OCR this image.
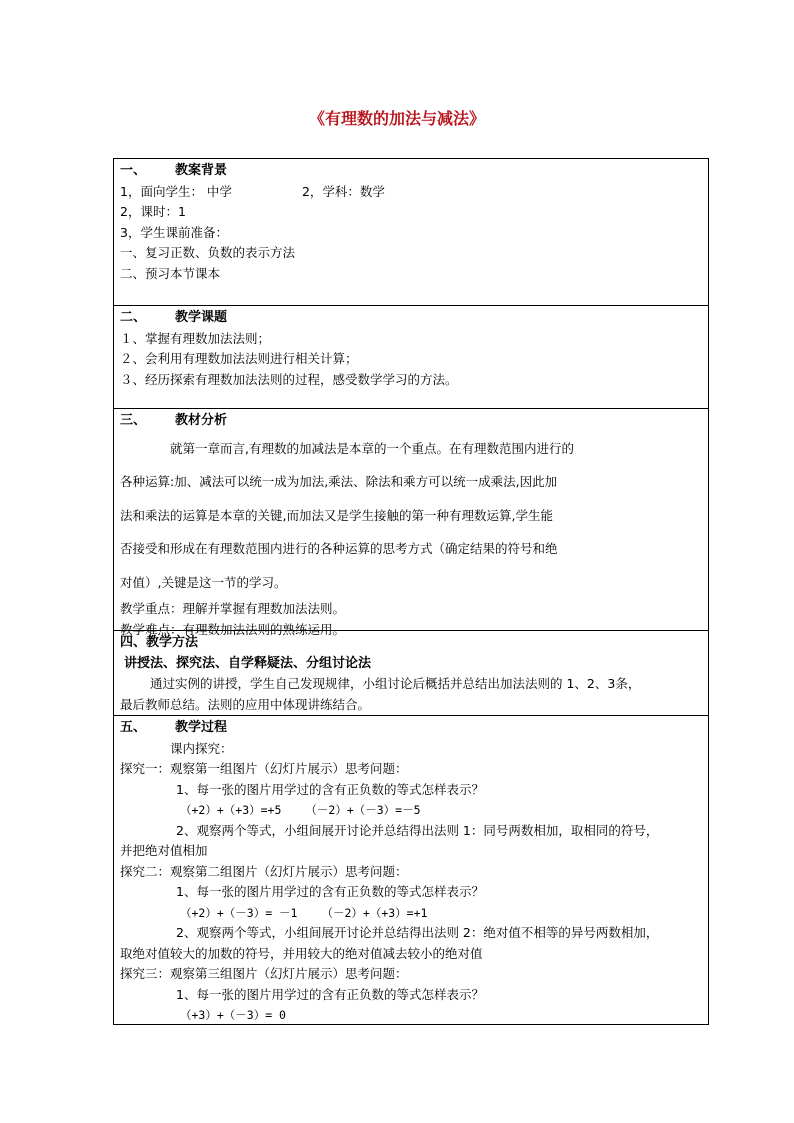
《有理数的加法与减法》
一、 教案背景
1，面向学生： 中学	2，学科：数学
2，课时：1
3，学生课前准备：
一、复习正数、负数的表示方法
二、预习本节课本
二、 教学课题
１、掌握有理数加法法则；
２、会利用有理数加法法则进行相关计算；
３、经历探索有理数加法法则的过程，感受数学学习的方法。
三、 教材分析
就第一章而言,有理数的加减法是本章的一个重点。在有理数范围内进行的
各种运算:加、减法可以统一成为加法,乘法、除法和乘方可以统一成乘法,因此加
法和乘法的运算是本章的关键,而加法又是学生接触的第一种有理数运算,学生能
否接受和形成在有理数范围内进行的各种运算的思考方式（确定结果的符号和绝
对值）,关键是这一节的学习。
教学重点：理解并掌握有理数加法法则。
教学难点：有理数加法法则的熟练运用。
四、教学方法
讲授法、探究法、自学释疑法、分组讨论法
通过实例的讲授，学生自己发现规律，小组讨论后概括并总结出加法法则的 1、2、3条，
最后教师总结。法则的应用中体现讲练结合。
五、 教学过程
课内探究：
探究一：观察第一组图片（幻灯片展示）思考问题：
1、每一张的图片用学过的含有正负数的等式怎样表示？
（+2）+（+3）=+5 （－2）+（－3）=－5
2、观察两个等式，小组间展开讨论并总结得出法则 1：同号两数相加，取相同的符号，
并把绝对值相加
探究二：观察第二组图片（幻灯片展示）思考问题：
1、每一张的图片用学过的含有正负数的等式怎样表示？
（+2）+（－3）= －1 （－2）+（+3）=+1
2、观察两个等式，小组间展开讨论并总结得出法则 2：绝对值不相等的异号两数相加，
取绝对值较大的加数的符号，并用较大的绝对值减去较小的绝对值
探究三：观察第三组图片（幻灯片展示）思考问题：
1、每一张的图片用学过的含有正负数的等式怎样表示？
（+3）+（－3）= 0
